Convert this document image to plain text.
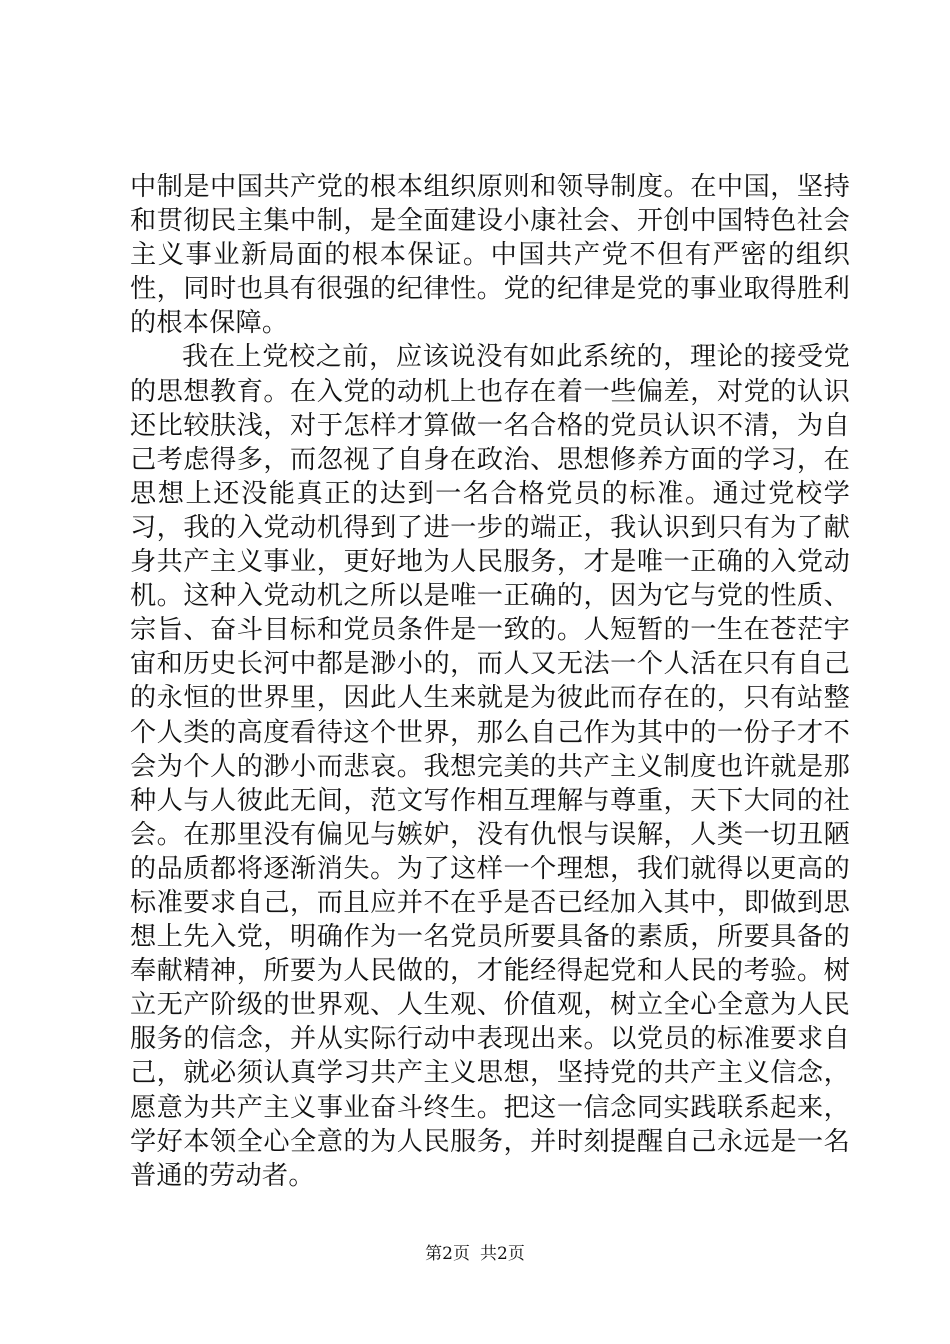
中制是中国共产党的根本组织原则和领导制度。在中国，坚持和贯彻民主集中制，是全面建设小康社会、开创中国特色社会主义事业新局面的根本保证。中国共产党不但有严密的组织性，同时也具有很强的纪律性。党的纪律是党的事业取得胜利的根本保障。

我在上党校之前，应该说没有如此系统的，理论的接受党的思想教育。在入党的动机上也存在着一些偏差，对党的认识还比较肤浅，对于怎样才算做一名合格的党员认识不清，为自己考虑得多，而忽视了自身在政治、思想修养方面的学习，在思想上还没能真正的达到一名合格党员的标准。通过党校学习，我的入党动机得到了进一步的端正，我认识到只有为了献身共产主义事业，更好地为人民服务，才是唯一正确的入党动机。这种入党动机之所以是唯一正确的，因为它与党的性质、宗旨、奋斗目标和党员条件是一致的。人短暂的一生在苍茫宇宙和历史长河中都是渺小的，而人又无法一个人活在只有自己的永恒的世界里，因此人生来就是为彼此而存在的，只有站整个人类的高度看待这个世界，那么自己作为其中的一份子才不会为个人的渺小而悲哀。我想完美的共产主义制度也许就是那种人与人彼此无间，范文写作相互理解与尊重，天下大同的社会。在那里没有偏见与嫉妒，没有仇恨与误解，人类一切丑陋的品质都将逐渐消失。为了这样一个理想，我们就得以更高的标准要求自己，而且应并不在乎是否已经加入其中，即做到思想上先入党，明确作为一名党员所要具备的素质，所要具备的奉献精神，所要为人民做的，才能经得起党和人民的考验。树立无产阶级的世界观、人生观、价值观，树立全心全意为人民服务的信念，并从实际行动中表现出来。以党员的标准要求自己，就必须认真学习共产主义思想，坚持党的共产主义信念，愿意为共产主义事业奋斗终生。把这一信念同实践联系起来，学好本领全心全意的为人民服务，并时刻提醒自己永远是一名普通的劳动者。

第2页 共2页
